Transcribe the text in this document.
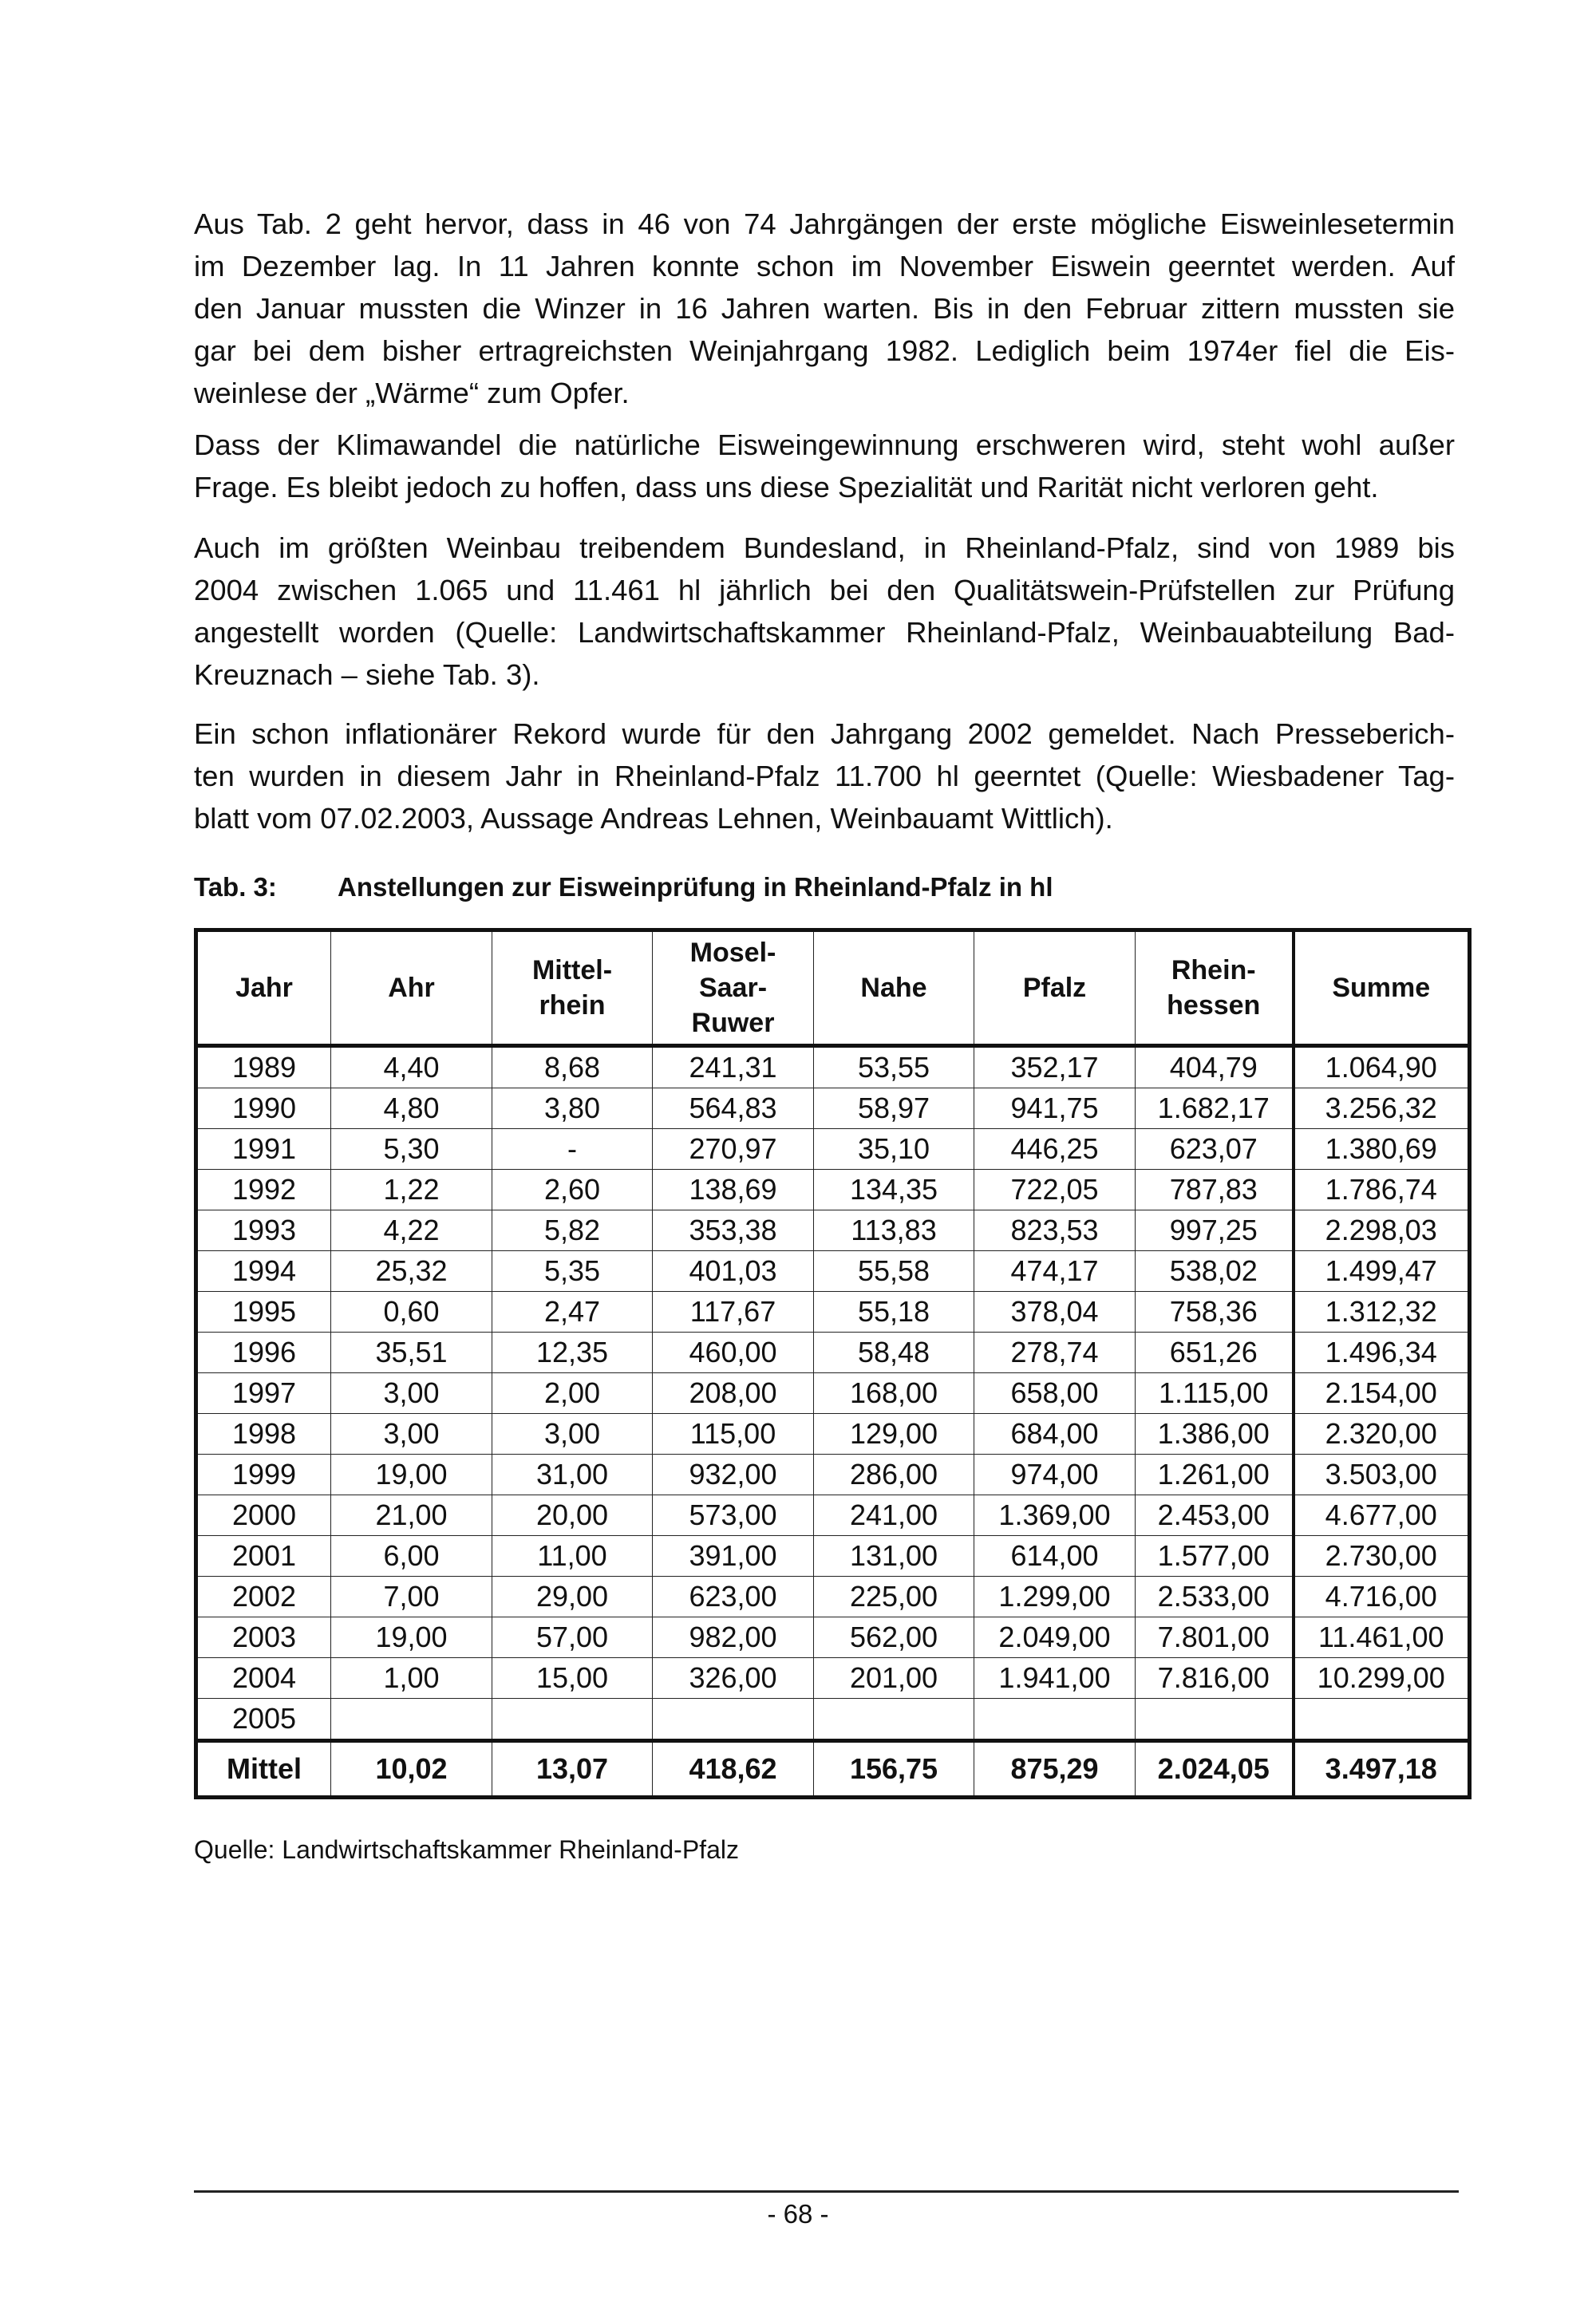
Aus Tab. 2 geht hervor, dass in 46 von 74 Jahrgängen der erste mögliche Eisweinlesetermin
im Dezember lag. In 11 Jahren konnte schon im November Eiswein geerntet werden. Auf
den Januar mussten die Winzer in 16 Jahren warten. Bis in den Februar zittern mussten sie
gar bei dem bisher ertragreichsten Weinjahrgang 1982. Lediglich beim 1974er fiel die Eis-
weinlese der „Wärme“ zum Opfer.
Dass der Klimawandel die natürliche Eisweingewinnung erschweren wird, steht wohl außer
Frage. Es bleibt jedoch zu hoffen, dass uns diese Spezialität und Rarität nicht verloren geht.
Auch im größten Weinbau treibendem Bundesland, in Rheinland-Pfalz, sind von 1989 bis
2004 zwischen 1.065 und 11.461 hl jährlich bei den Qualitätswein-Prüfstellen zur Prüfung
angestellt worden (Quelle: Landwirtschaftskammer Rheinland-Pfalz, Weinbauabteilung Bad-
Kreuznach – siehe Tab. 3).
Ein schon inflationärer Rekord wurde für den Jahrgang 2002 gemeldet. Nach Presseberich-
ten wurden in diesem Jahr in Rheinland-Pfalz 11.700 hl geerntet (Quelle: Wiesbadener Tag-
blatt vom 07.02.2003, Aussage Andreas Lehnen, Weinbauamt Wittlich).
Tab. 3: Anstellungen zur Eisweinprüfung in Rheinland-Pfalz in hl
Jahr	Ahr	Mittel-
rhein	Mosel-
Saar-
Ruwer	Nahe	Pfalz	Rhein-
hessen	Summe
1989	4,40	8,68	241,31	53,55	352,17	404,79	1.064,90
1990	4,80	3,80	564,83	58,97	941,75	1.682,17	3.256,32
1991	5,30	-	270,97	35,10	446,25	623,07	1.380,69
1992	1,22	2,60	138,69	134,35	722,05	787,83	1.786,74
1993	4,22	5,82	353,38	113,83	823,53	997,25	2.298,03
1994	25,32	5,35	401,03	55,58	474,17	538,02	1.499,47
1995	0,60	2,47	117,67	55,18	378,04	758,36	1.312,32
1996	35,51	12,35	460,00	58,48	278,74	651,26	1.496,34
1997	3,00	2,00	208,00	168,00	658,00	1.115,00	2.154,00
1998	3,00	3,00	115,00	129,00	684,00	1.386,00	2.320,00
1999	19,00	31,00	932,00	286,00	974,00	1.261,00	3.503,00
2000	21,00	20,00	573,00	241,00	1.369,00	2.453,00	4.677,00
2001	6,00	11,00	391,00	131,00	614,00	1.577,00	2.730,00
2002	7,00	29,00	623,00	225,00	1.299,00	2.533,00	4.716,00
2003	19,00	57,00	982,00	562,00	2.049,00	7.801,00	11.461,00
2004	1,00	15,00	326,00	201,00	1.941,00	7.816,00	10.299,00
2005							
Mittel	10,02	13,07	418,62	156,75	875,29	2.024,05	3.497,18
Quelle: Landwirtschaftskammer Rheinland-Pfalz
- 68 -
